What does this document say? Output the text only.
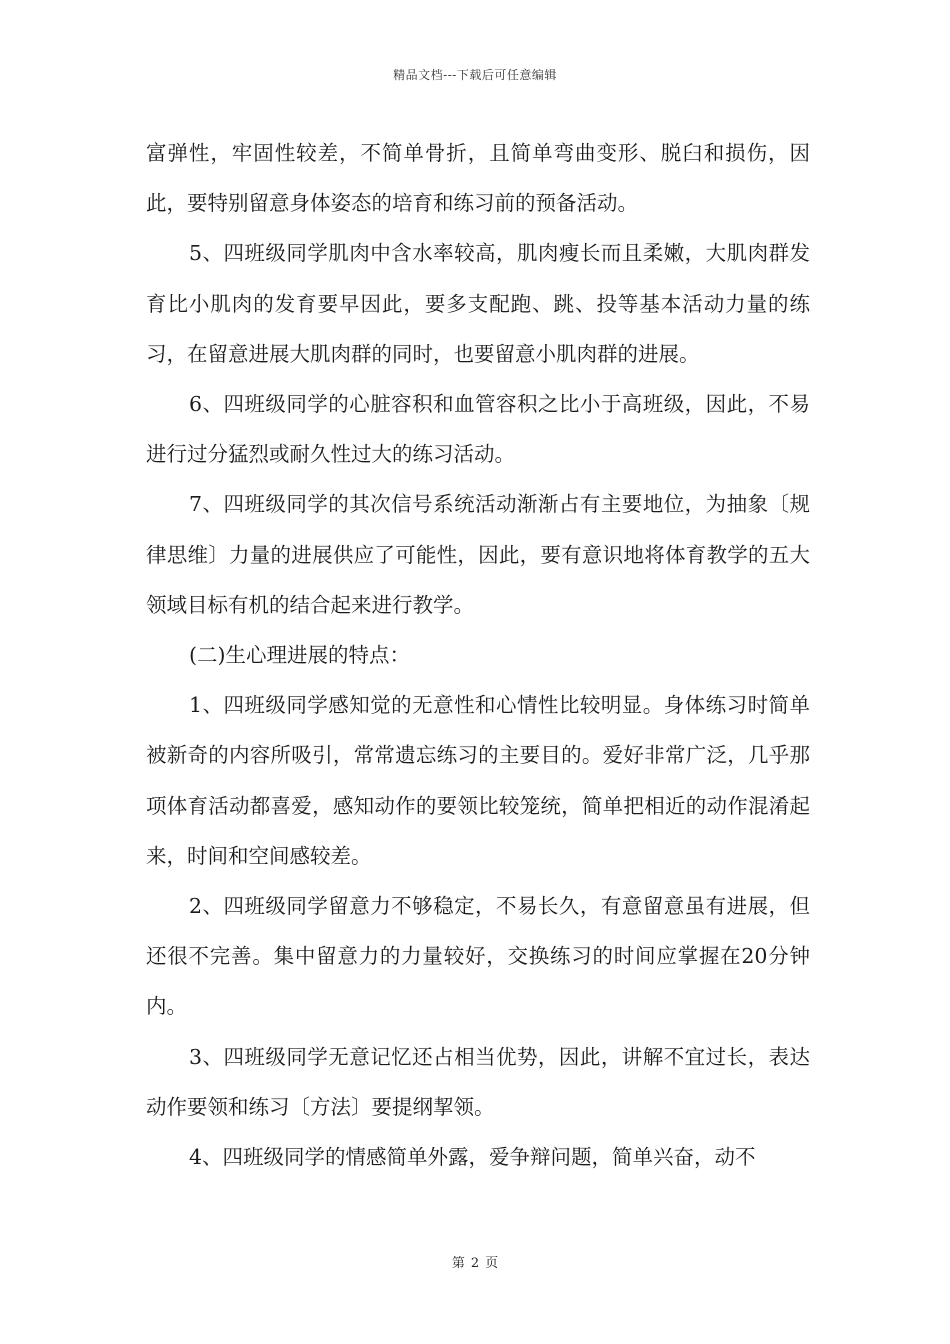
精品文档---下载后可任意编辑

富弹性，牢固性较差，不简单骨折，且简单弯曲变形、脱臼和损伤，因此，要特别留意身体姿态的培育和练习前的预备活动。

5、四班级同学肌肉中含水率较高，肌肉瘦长而且柔嫩，大肌肉群发育比小肌肉的发育要早因此，要多支配跑、跳、投等基本活动力量的练习，在留意进展大肌肉群的同时，也要留意小肌肉群的进展。

6、四班级同学的心脏容积和血管容积之比小于高班级，因此，不易进行过分猛烈或耐久性过大的练习活动。

7、四班级同学的其次信号系统活动渐渐占有主要地位，为抽象〔规律思维〕力量的进展供应了可能性，因此，要有意识地将体育教学的五大领域目标有机的结合起来进行教学。

(二)生心理进展的特点：

1、四班级同学感知觉的无意性和心情性比较明显。身体练习时简单被新奇的内容所吸引，常常遗忘练习的主要目的。爱好非常广泛，几乎那项体育活动都喜爱，感知动作的要领比较笼统，简单把相近的动作混淆起来，时间和空间感较差。

2、四班级同学留意力不够稳定，不易长久，有意留意虽有进展，但还很不完善。集中留意力的力量较好，交换练习的时间应掌握在20分钟内。

3、四班级同学无意记忆还占相当优势，因此，讲解不宜过长，表达动作要领和练习〔方法〕要提纲挈领。

4、四班级同学的情感简单外露，爱争辩问题，简单兴奋，动不

第 2 页
